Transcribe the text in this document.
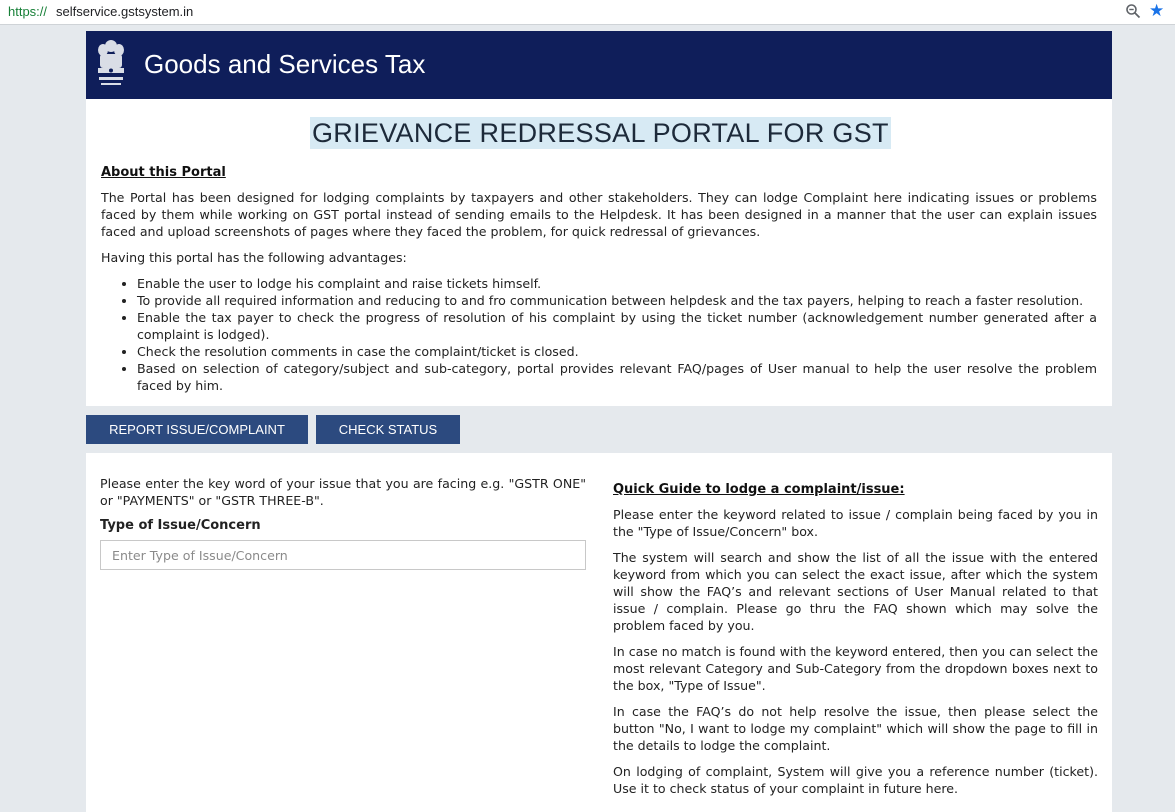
https:// selfservice.gstsystem.in	★
Goods and Services Tax
GRIEVANCE REDRESSAL PORTAL FOR GST
About this Portal

The Portal has been designed for lodging complaints by taxpayers and other stakeholders. They can lodge Complaint here indicating issues or problems faced by them while working on GST portal instead of sending emails to the Helpdesk. It has been designed in a manner that the user can explain issues faced and upload screenshots of pages where they faced the problem, for quick redressal of grievances.

Having this portal has the following advantages:

Enable the user to lodge his complaint and raise tickets himself.
To provide all required information and reducing to and fro communication between helpdesk and the tax payers, helping to reach a faster resolution.
Enable the tax payer to check the progress of resolution of his complaint by using the ticket number (acknowledgement number generated after a complaint is lodged).
Check the resolution comments in case the complaint/ticket is closed.
Based on selection of category/subject and sub-category, portal provides relevant FAQ/pages of User manual to help the user resolve the problem faced by him.
REPORT ISSUE/COMPLAINT	CHECK STATUS

Please enter the key word of your issue that you are facing e.g. "GSTR ONE" or "PAYMENTS" or "GSTR THREE-B".

Type of Issue/Concern
Enter Type of Issue/Concern
Quick Guide to lodge a complaint/issue:

Please enter the keyword related to issue / complain being faced by you in the "Type of Issue/Concern" box.

The system will search and show the list of all the issue with the entered keyword from which you can select the exact issue, after which the system will show the FAQ’s and relevant sections of User Manual related to that issue / complain. Please go thru the FAQ shown which may solve the problem faced by you.

In case no match is found with the keyword entered, then you can select the most relevant Category and Sub-Category from the dropdown boxes next to the box, "Type of Issue".

In case the FAQ’s do not help resolve the issue, then please select the button "No, I want to lodge my complaint" which will show the page to fill in the details to lodge the complaint.

On lodging of complaint, System will give you a reference number (ticket). Use it to check status of your complaint in future here.
